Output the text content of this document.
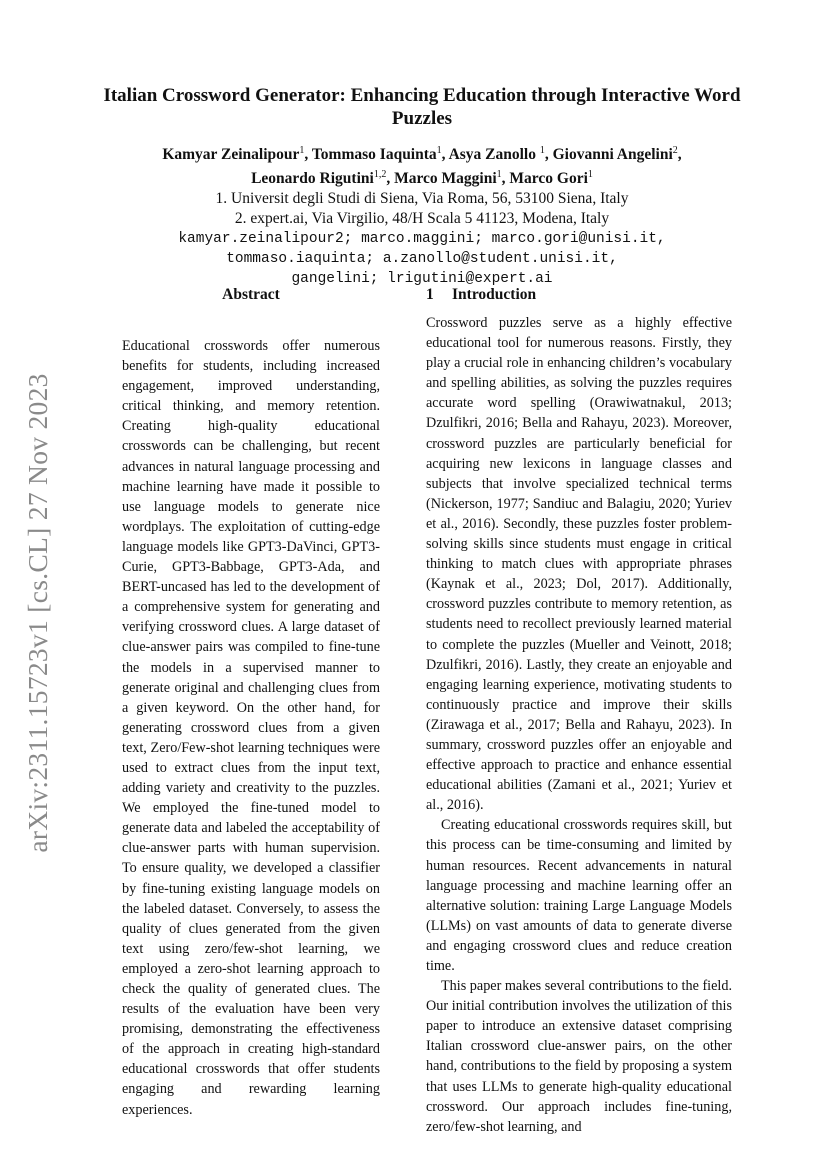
arXiv:2311.15723v1 [cs.CL] 27 Nov 2023
Italian Crossword Generator: Enhancing Education through Interactive Word Puzzles
Kamyar Zeinalipour$^1$, Tommaso Iaquinta$^1$, Asya Zanollo $^1$, Giovanni Angelini$^2$,
Leonardo Rigutini$^{1,2}$, Marco Maggini$^1$, Marco Gori$^1$
1. Universit degli Studi di Siena, Via Roma, 56, 53100 Siena, Italy
2. expert.ai, Via Virgilio, 48/H Scala 5 41123, Modena, Italy
kamyar.zeinalipour2; marco.maggini; marco.gori@unisi.it,
tommaso.iaquinta; a.zanollo@student.unisi.it,
gangelini; lrigutini@expert.ai
Abstract

Educational crosswords offer numerous benefits for students, including increased engagement, improved understanding, critical thinking, and memory retention. Creating high-quality educational crosswords can be challenging, but recent advances in natural language processing and machine learning have made it possible to use language models to generate nice wordplays. The exploitation of cutting-edge language models like GPT3-DaVinci, GPT3-Curie, GPT3-Babbage, GPT3-Ada, and BERT-uncased has led to the development of a comprehensive system for generating and verifying crossword clues. A large dataset of clue-answer pairs was compiled to fine-tune the models in a supervised manner to generate original and challenging clues from a given keyword. On the other hand, for generating crossword clues from a given text, Zero/Few-shot learning techniques were used to extract clues from the input text, adding variety and creativity to the puzzles. We employed the fine-tuned model to generate data and labeled the acceptability of clue-answer parts with human supervision. To ensure quality, we developed a classifier by fine-tuning existing language models on the labeled dataset. Conversely, to assess the quality of clues generated from the given text using zero/few-shot learning, we employed a zero-shot learning approach to check the quality of generated clues. The results of the evaluation have been very promising, demonstrating the effectiveness of the approach in creating high-standard educational crosswords that offer students engaging and rewarding learning experiences.

1 Introduction

Crossword puzzles serve as a highly effective educational tool for numerous reasons. Firstly, they play a crucial role in enhancing children’s vocabulary and spelling abilities, as solving the puzzles requires accurate word spelling (Orawiwatnakul, 2013; Dzulfikri, 2016; Bella and Rahayu, 2023). Moreover, crossword puzzles are particularly beneficial for acquiring new lexicons in language classes and subjects that involve specialized technical terms (Nickerson, 1977; Sandiuc and Balagiu, 2020; Yuriev et al., 2016). Secondly, these puzzles foster problem-solving skills since students must engage in critical thinking to match clues with appropriate phrases (Kaynak et al., 2023; Dol, 2017). Additionally, crossword puzzles contribute to memory retention, as students need to recollect previously learned material to complete the puzzles (Mueller and Veinott, 2018; Dzulfikri, 2016). Lastly, they create an enjoyable and engaging learning experience, motivating students to continuously practice and improve their skills (Zirawaga et al., 2017; Bella and Rahayu, 2023). In summary, crossword puzzles offer an enjoyable and effective approach to practice and enhance essential educational abilities (Zamani et al., 2021; Yuriev et al., 2016).

Creating educational crosswords requires skill, but this process can be time-consuming and limited by human resources. Recent advancements in natural language processing and machine learning offer an alternative solution: training Large Language Models (LLMs) on vast amounts of data to generate diverse and engaging crossword clues and reduce creation time.

This paper makes several contributions to the field. Our initial contribution involves the utilization of this paper to introduce an extensive dataset comprising Italian crossword clue-answer pairs, on the other hand, contributions to the field by proposing a system that uses LLMs to generate high-quality educational crossword. Our approach includes fine-tuning, zero/few-shot learning, and
